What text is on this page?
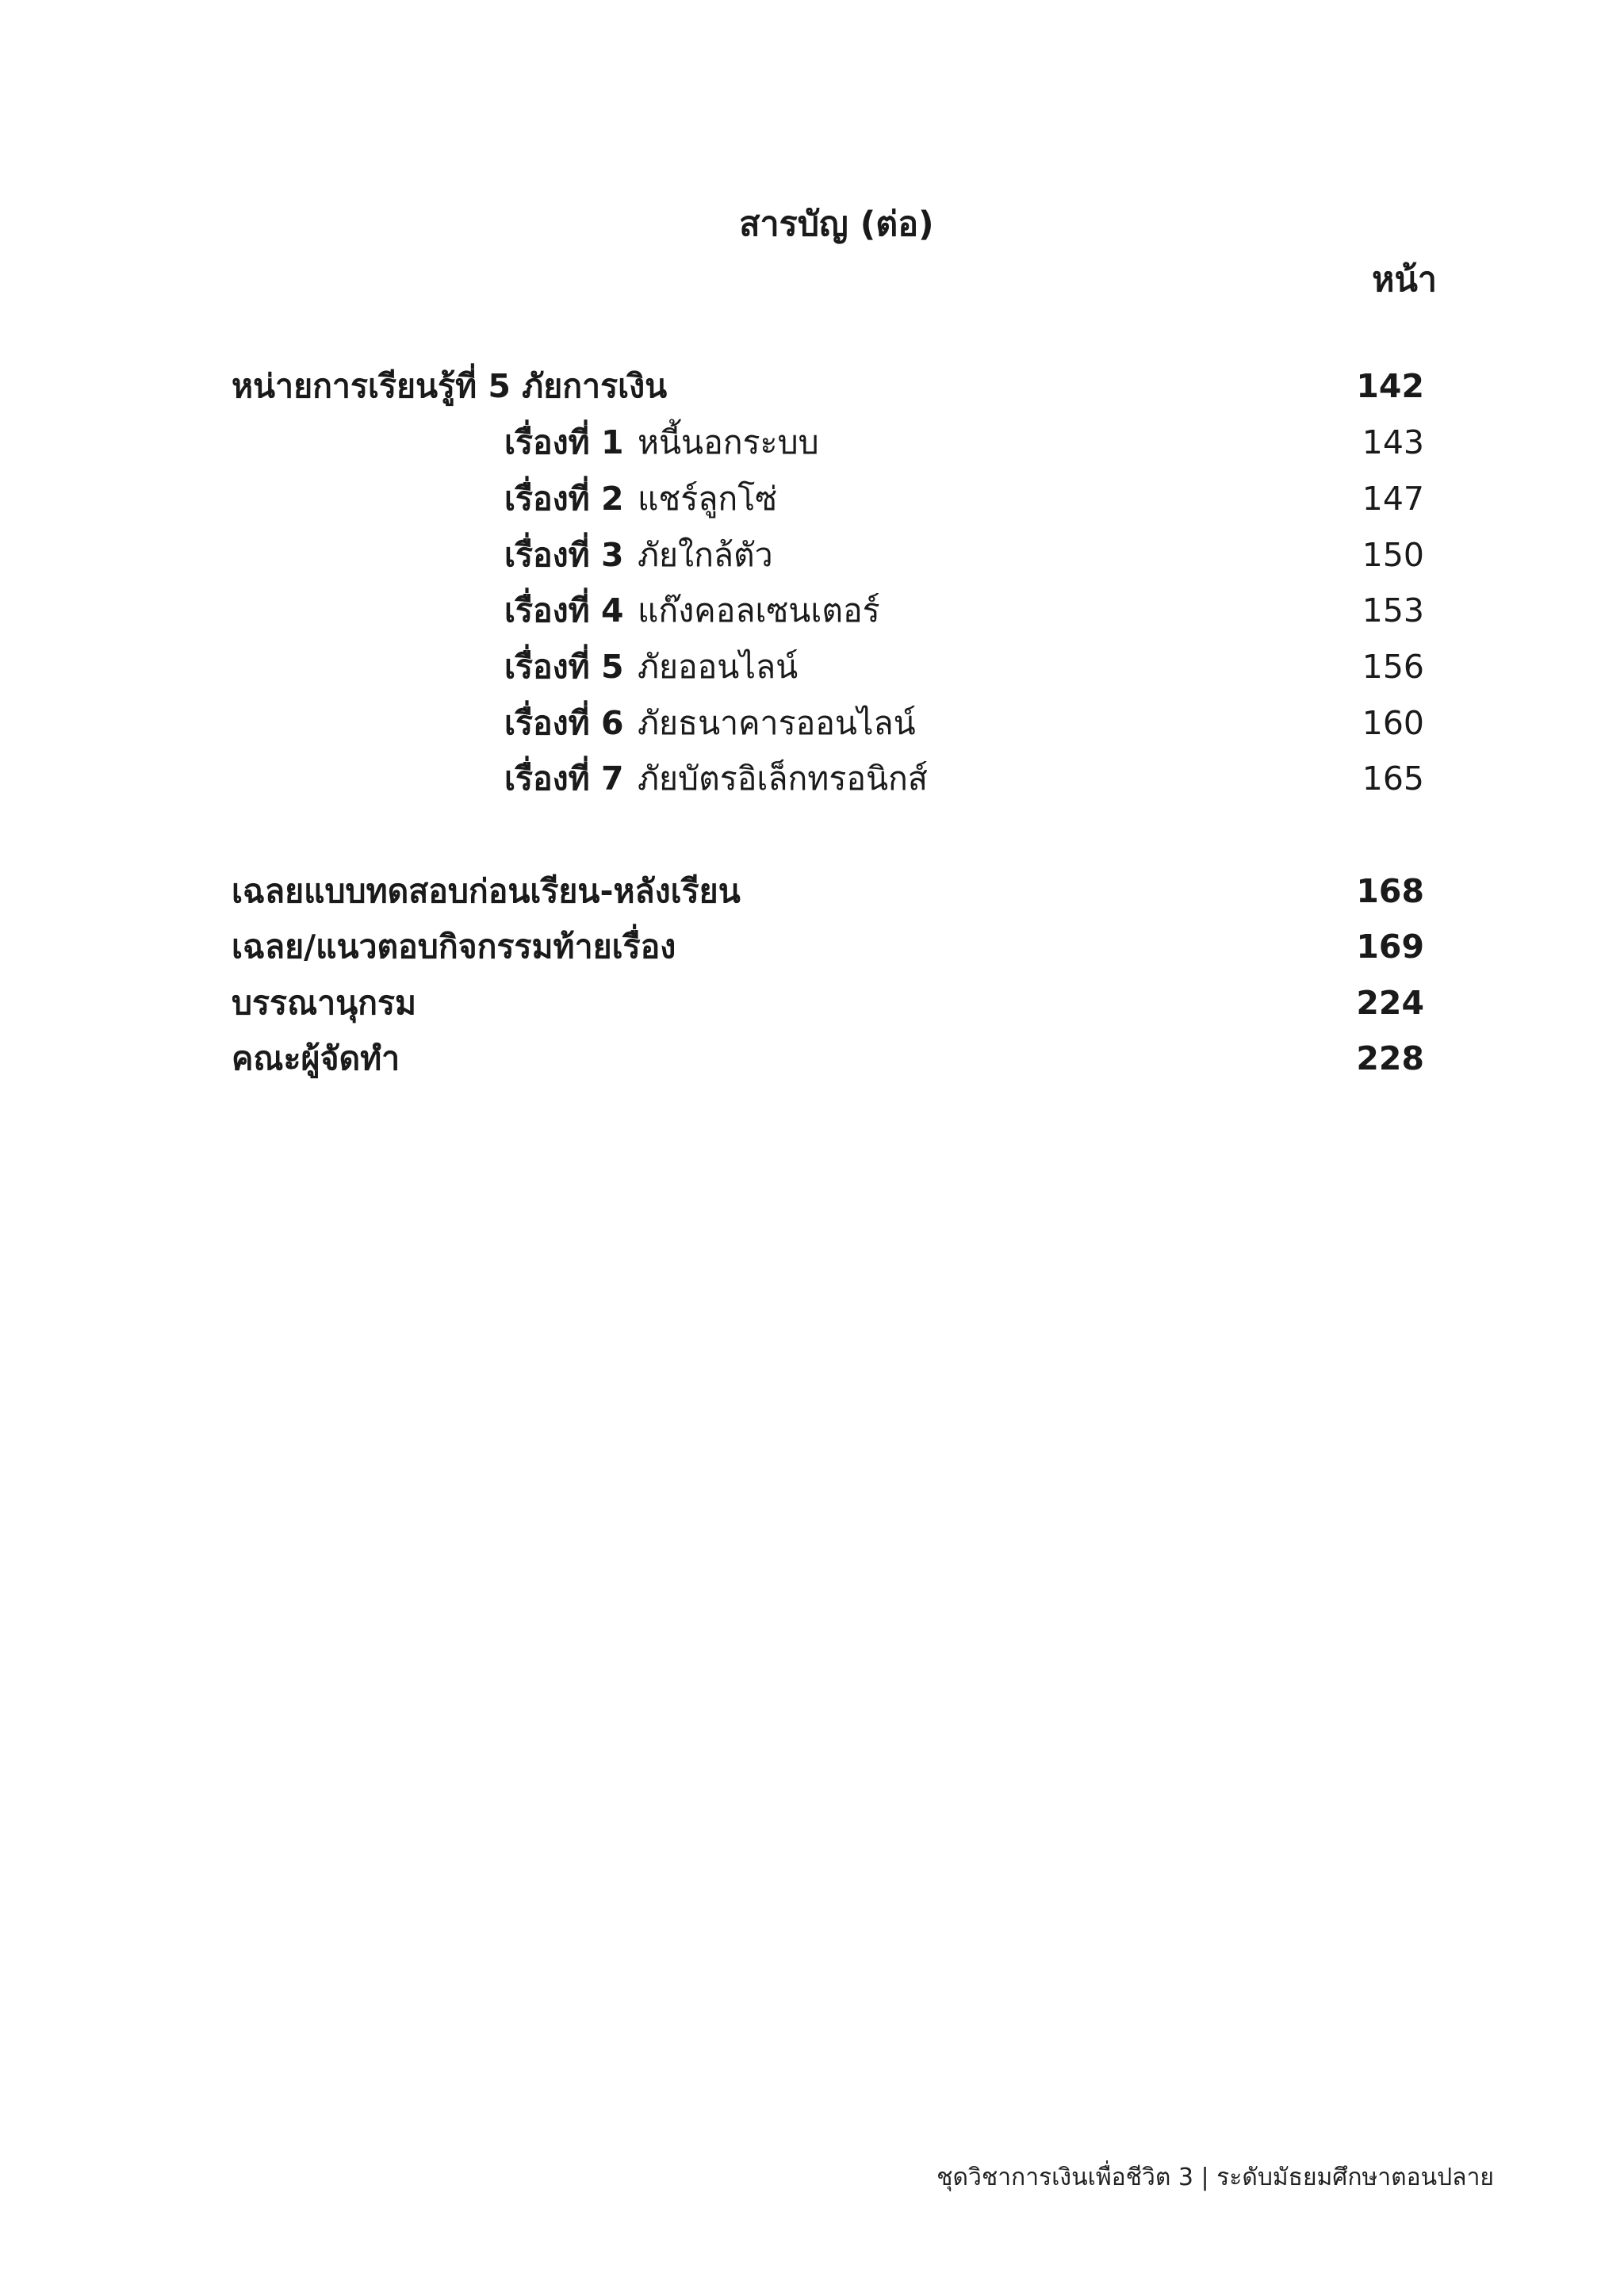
สารบัญ (ต่อ)
หน้า
หน่ายการเรียนรู้ที่ 5 ภัยการเงิน	142
เรื่องที่ 1 หนี้นอกระบบ	143
เรื่องที่ 2 แชร์ลูกโซ่	147
เรื่องที่ 3 ภัยใกล้ตัว	150
เรื่องที่ 4 แก๊งคอลเซนเตอร์	153
เรื่องที่ 5 ภัยออนไลน์	156
เรื่องที่ 6 ภัยธนาคารออนไลน์	160
เรื่องที่ 7 ภัยบัตรอิเล็กทรอนิกส์	165
เฉลยแบบทดสอบก่อนเรียน-หลังเรียน	168
เฉลย/แนวตอบกิจกรรมท้ายเรื่อง	169
บรรณานุกรม	224
คณะผู้จัดทำ	228
ชุดวิชาการเงินเพื่อชีวิต 3 | ระดับมัธยมศึกษาตอนปลาย
